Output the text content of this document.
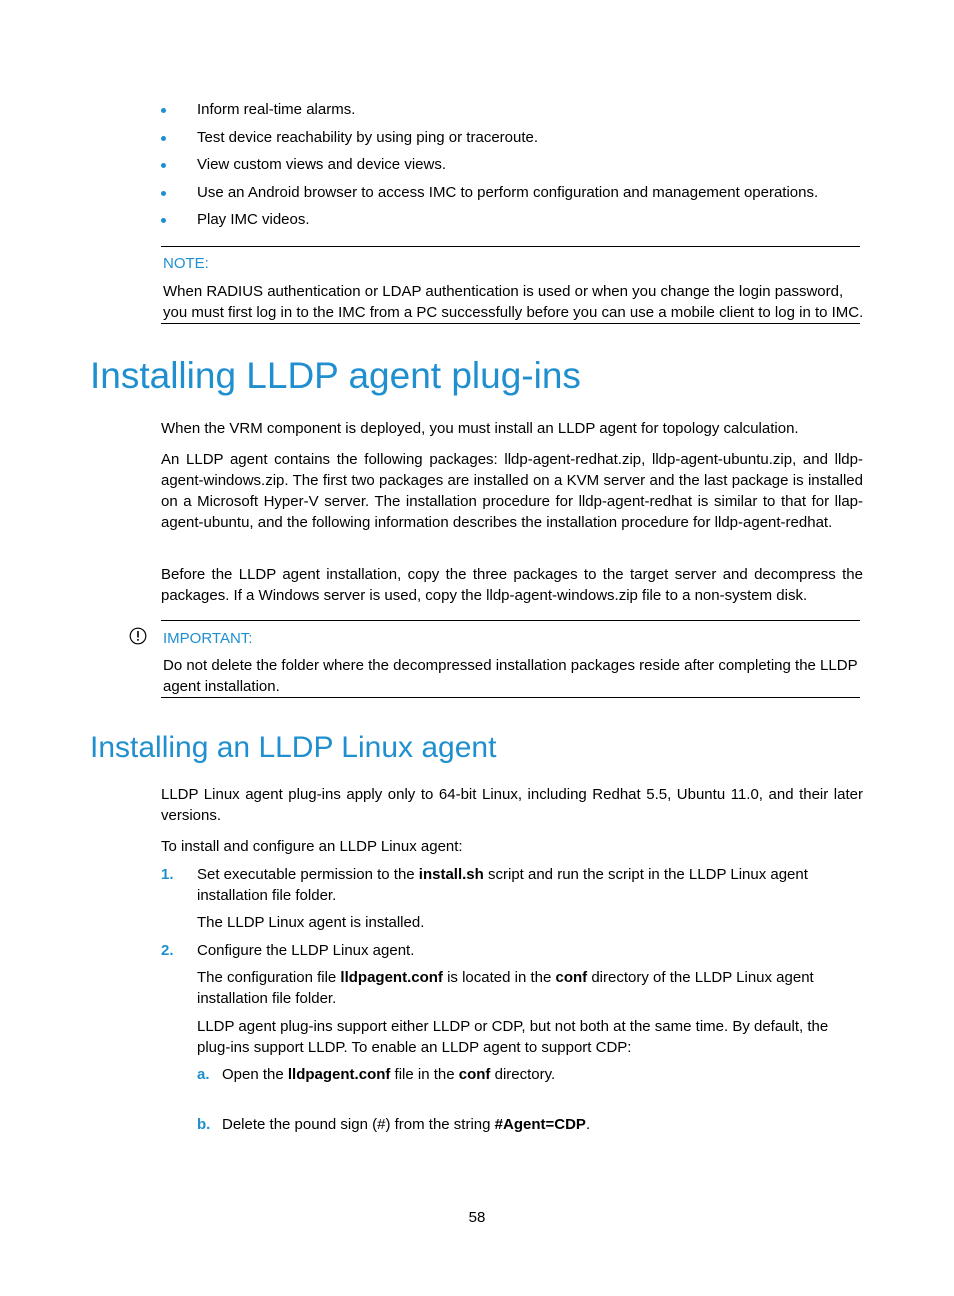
Inform real-time alarms.
Test device reachability by using ping or traceroute.
View custom views and device views.
Use an Android browser to access IMC to perform configuration and management operations.
Play IMC videos.
NOTE:
When RADIUS authentication or LDAP authentication is used or when you change the login password,
you must first log in to the IMC from a PC successfully before you can use a mobile client to log in to IMC.
Installing LLDP agent plug-ins

When the VRM component is deployed, you must install an LLDP agent for topology calculation.

An LLDP agent contains the following packages: lldp-agent-redhat.zip, lldp-agent-ubuntu.zip, and lldp-agent-windows.zip. The first two packages are installed on a KVM server and the last package is installed on a Microsoft Hyper-V server. The installation procedure for lldp-agent-redhat is similar to that for llap-agent-ubuntu, and the following information describes the installation procedure for lldp-agent-redhat.

Before the LLDP agent installation, copy the three packages to the target server and decompress the packages. If a Windows server is used, copy the lldp-agent-windows.zip file to a non-system disk.

IMPORTANT:
Do not delete the folder where the decompressed installation packages reside after completing the LLDP agent installation.
Installing an LLDP Linux agent

LLDP Linux agent plug-ins apply only to 64-bit Linux, including Redhat 5.5, Ubuntu 11.0, and their later versions.

To install and configure an LLDP Linux agent:

1. Set executable permission to the install.sh script and run the script in the LLDP Linux agent installation file folder.
The LLDP Linux agent is installed.
2. Configure the LLDP Linux agent.
The configuration file lldpagent.conf is located in the conf directory of the LLDP Linux agent installation file folder.
LLDP agent plug-ins support either LLDP or CDP, but not both at the same time. By default, the plug-ins support LLDP. To enable an LLDP agent to support CDP:
a. Open the lldpagent.conf file in the conf directory.
b. Delete the pound sign (#) from the string #Agent=CDP.
58
